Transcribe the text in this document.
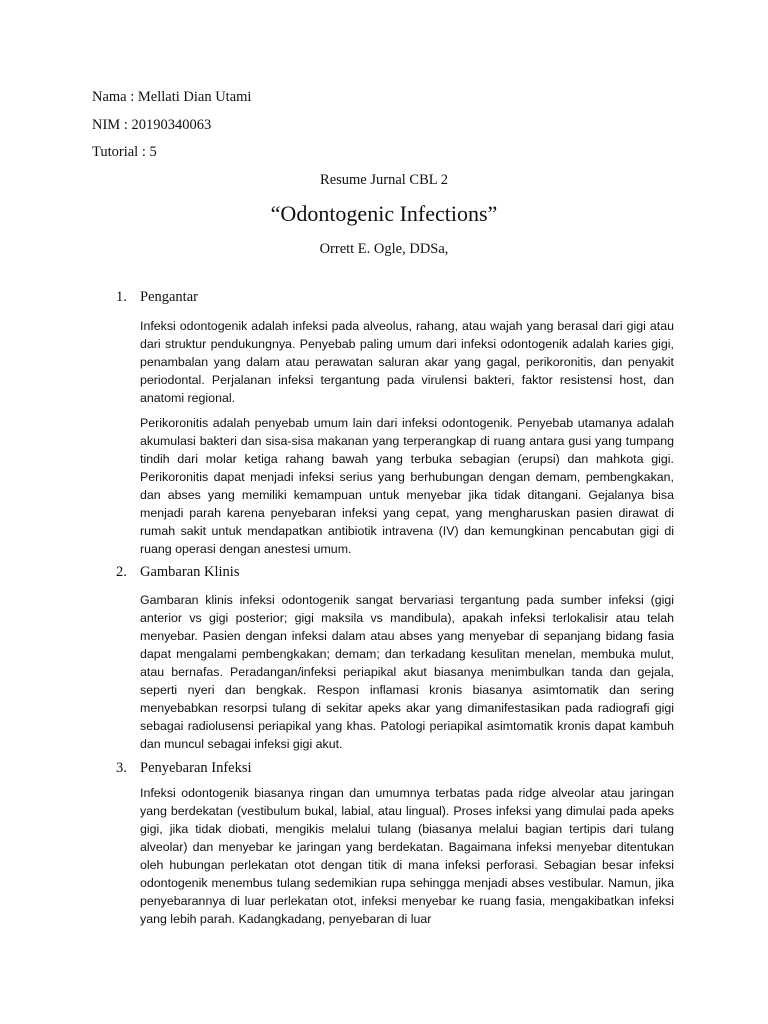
Nama : Mellati Dian Utami
NIM : 20190340063
Tutorial : 5
Resume Jurnal CBL 2
“Odontogenic Infections”
Orrett E. Ogle, DDSa,
1. Pengantar

Infeksi odontogenik adalah infeksi pada alveolus, rahang, atau wajah yang berasal dari gigi atau dari struktur pendukungnya. Penyebab paling umum dari infeksi odontogenik adalah karies gigi, penambalan yang dalam atau perawatan saluran akar yang gagal, perikoronitis, dan penyakit periodontal. Perjalanan infeksi tergantung pada virulensi bakteri, faktor resistensi host, dan anatomi regional.

Perikoronitis adalah penyebab umum lain dari infeksi odontogenik. Penyebab utamanya adalah akumulasi bakteri dan sisa-sisa makanan yang terperangkap di ruang antara gusi yang tumpang tindih dari molar ketiga rahang bawah yang terbuka sebagian (erupsi) dan mahkota gigi. Perikoronitis dapat menjadi infeksi serius yang berhubungan dengan demam, pembengkakan, dan abses yang memiliki kemampuan untuk menyebar jika tidak ditangani. Gejalanya bisa menjadi parah karena penyebaran infeksi yang cepat, yang mengharuskan pasien dirawat di rumah sakit untuk mendapatkan antibiotik intravena (IV) dan kemungkinan pencabutan gigi di ruang operasi dengan anestesi umum.

2. Gambaran Klinis

Gambaran klinis infeksi odontogenik sangat bervariasi tergantung pada sumber infeksi (gigi anterior vs gigi posterior; gigi maksila vs mandibula), apakah infeksi terlokalisir atau telah menyebar. Pasien dengan infeksi dalam atau abses yang menyebar di sepanjang bidang fasia dapat mengalami pembengkakan; demam; dan terkadang kesulitan menelan, membuka mulut, atau bernafas. Peradangan/infeksi periapikal akut biasanya menimbulkan tanda dan gejala, seperti nyeri dan bengkak. Respon inflamasi kronis biasanya asimtomatik dan sering menyebabkan resorpsi tulang di sekitar apeks akar yang dimanifestasikan pada radiografi gigi sebagai radiolusensi periapikal yang khas. Patologi periapikal asimtomatik kronis dapat kambuh dan muncul sebagai infeksi gigi akut.

3. Penyebaran Infeksi

Infeksi odontogenik biasanya ringan dan umumnya terbatas pada ridge alveolar atau jaringan yang berdekatan (vestibulum bukal, labial, atau lingual). Proses infeksi yang dimulai pada apeks gigi, jika tidak diobati, mengikis melalui tulang (biasanya melalui bagian tertipis dari tulang alveolar) dan menyebar ke jaringan yang berdekatan. Bagaimana infeksi menyebar ditentukan oleh hubungan perlekatan otot dengan titik di mana infeksi perforasi. Sebagian besar infeksi odontogenik menembus tulang sedemikian rupa sehingga menjadi abses vestibular. Namun, jika penyebarannya di luar perlekatan otot, infeksi menyebar ke ruang fasia, mengakibatkan infeksi yang lebih parah. Kadangkadang, penyebaran di luar
